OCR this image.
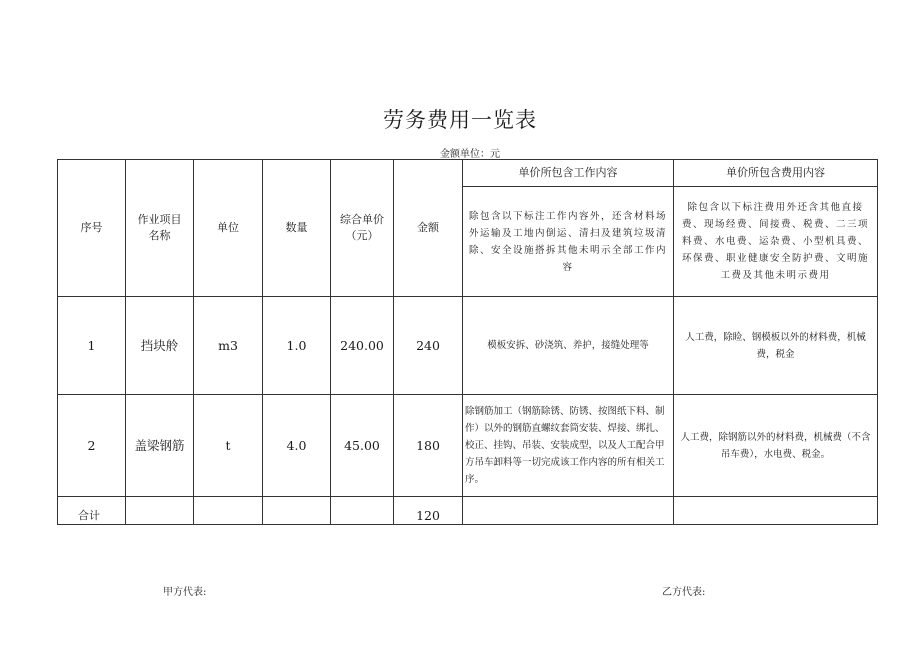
劳务费用一览表
金额单位：元
序号	作业项目名称	单位	数量	综合单价（元）	金额	单价所包含工作内容	单价所包含费用内容
						除包含以下标注工作内容外，还含材料场外运输及工地内倒运、清扫及建筑垃圾清除、安全设施搭拆其他未明示全部工作内容	除包含以下标注费用外还含其他直接费、现场经费、间接费、税费、二三项料费、水电费、运杂费、小型机具费、环保费、职业健康安全防护费、文明施工费及其他未明示费用
1	挡块舲	m3	1.0	240.00	240	模板安拆、砂浇筑、养护，接缝处理等	人工费，除睑、钢模板以外的材料费，机械费，税金
2	盖梁钢筋	t	4.0	45.00	180	除钢筋加工（钢筋除锈、防锈、按图纸下料、制作）以外的钢筋直螺纹套筒安装、焊接、绑扎、校正、挂钩、吊装、安装成型，以及人工配合甲方吊车卸料等一切完成该工作内容的所有相关工序。	人工费，除钢筋以外的材料费，机械费（不含吊车费），水电费、税金。
合计					120		
甲方代表:	乙方代表:
